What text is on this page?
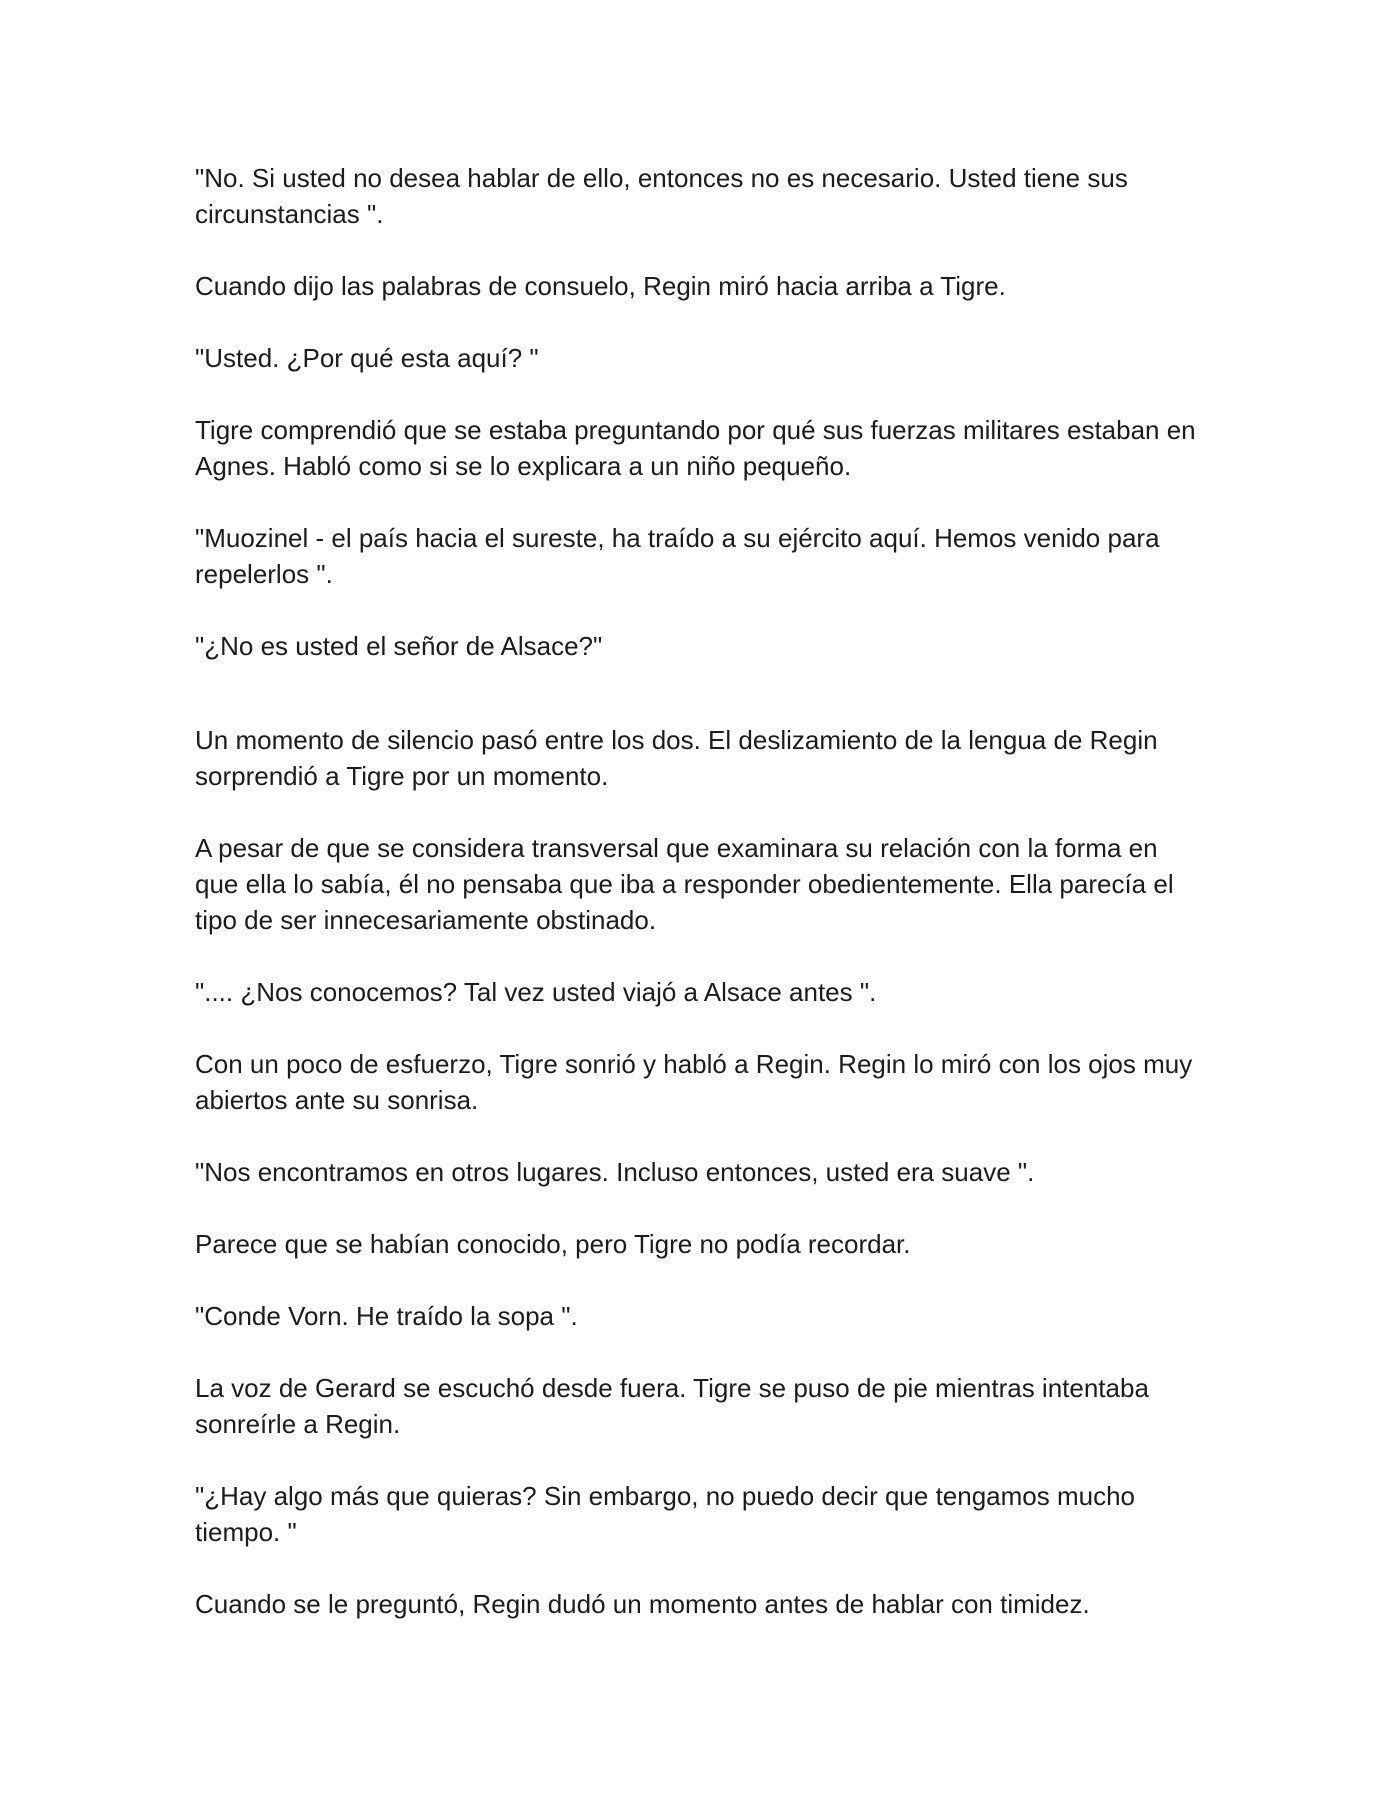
"No. Si usted no desea hablar de ello, entonces no es necesario. Usted tiene sus circunstancias ".

Cuando dijo las palabras de consuelo, Regin miró hacia arriba a Tigre.

"Usted. ¿Por qué esta aquí? "

Tigre comprendió que se estaba preguntando por qué sus fuerzas militares estaban en Agnes. Habló como si se lo explicara a un niño pequeño.

"Muozinel - el país hacia el sureste, ha traído a su ejército aquí. Hemos venido para repelerlos ".

"¿No es usted el señor de Alsace?"

Un momento de silencio pasó entre los dos. El deslizamiento de la lengua de Regin sorprendió a Tigre por un momento.

A pesar de que se considera transversal que examinara su relación con la forma en que ella lo sabía, él no pensaba que iba a responder obedientemente. Ella parecía el tipo de ser innecesariamente obstinado.

".... ¿Nos conocemos? Tal vez usted viajó a Alsace antes ".

Con un poco de esfuerzo, Tigre sonrió y habló a Regin. Regin lo miró con los ojos muy abiertos ante su sonrisa.

"Nos encontramos en otros lugares. Incluso entonces, usted era suave ".

Parece que se habían conocido, pero Tigre no podía recordar.

"Conde Vorn. He traído la sopa ".

La voz de Gerard se escuchó desde fuera. Tigre se puso de pie mientras intentaba sonreírle a Regin.

"¿Hay algo más que quieras? Sin embargo, no puedo decir que tengamos mucho tiempo. "

Cuando se le preguntó, Regin dudó un momento antes de hablar con timidez.
